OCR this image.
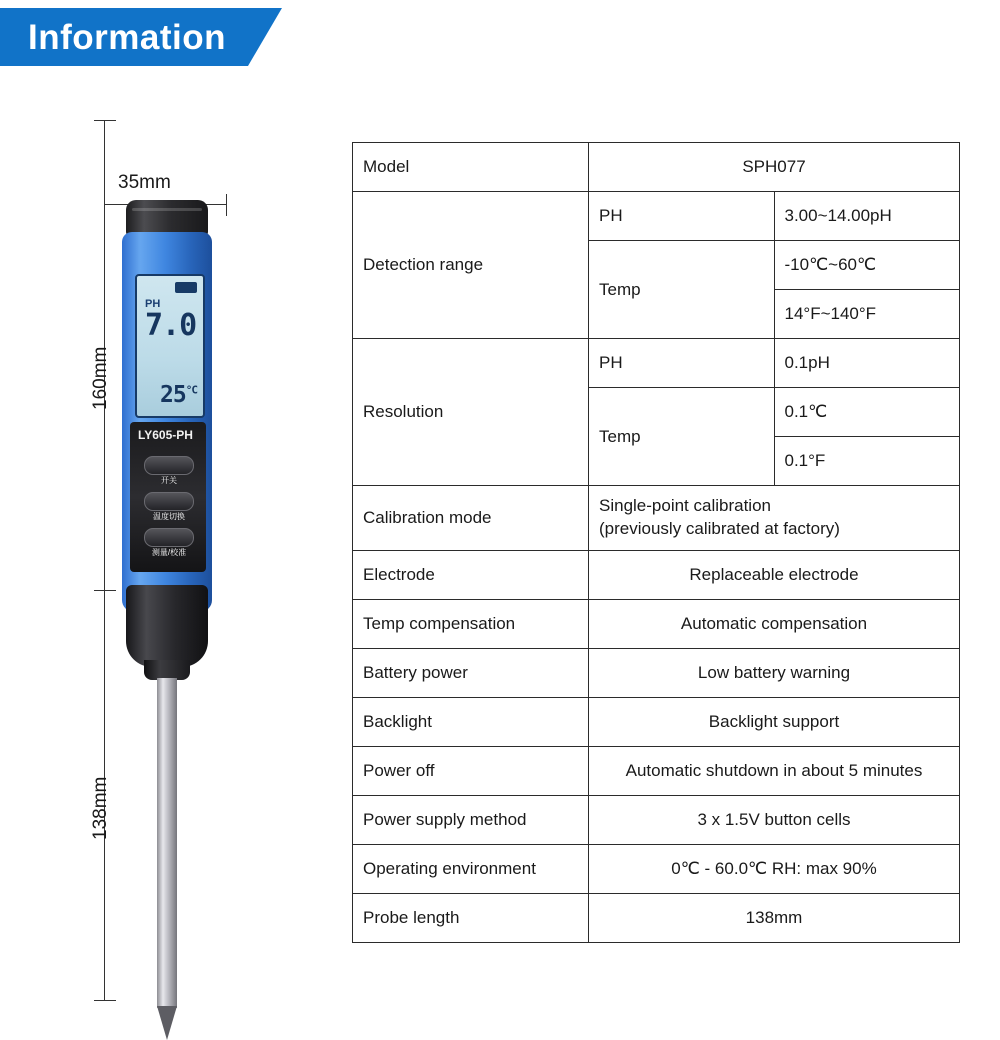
Information
35mm
160mm
138mm
PH
7.0
$25^{^\circ C}$
LY605-PH
开关
温度切换
测量/校准
Model	SPH077	
Detection range	PH	3.00~14.00pH
	Temp	-10℃~60℃
		14°F~140°F
Resolution	PH	0.1pH
	Temp	0.1℃
		0.1°F
Calibration mode	Single-point calibration
(previously calibrated at factory)	

Electrode	Replaceable electrode	
Temp compensation	Automatic compensation	
Battery power	Low battery warning	
Backlight	Backlight support	
Power off	Automatic shutdown in about 5 minutes	
Power supply method	3 x 1.5V button cells	
Operating environment	0℃ - 60.0℃ RH: max 90%	
Probe length	138mm	
